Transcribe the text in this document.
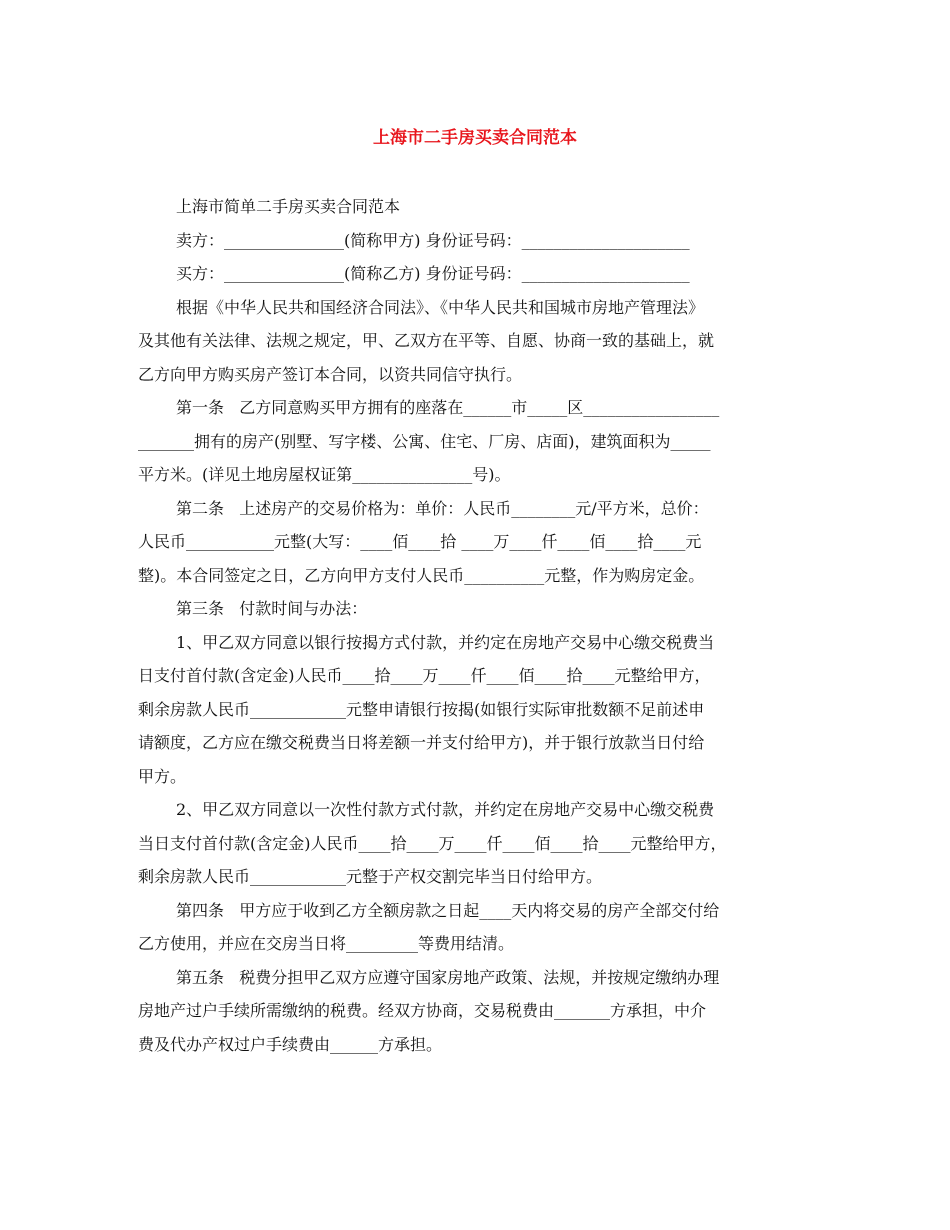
上海市二手房买卖合同范本
上海市简单二手房买卖合同范本
卖方：_______________(简称甲方) 身份证号码：_____________________
买方：_______________(简称乙方) 身份证号码：_____________________
根据《中华人民共和国经济合同法》、《中华人民共和国城市房地产管理法》
及其他有关法律、法规之规定，甲、乙双方在平等、自愿、协商一致的基础上，就
乙方向甲方购买房产签订本合同，以资共同信守执行。
第一条   乙方同意购买甲方拥有的座落在______市_____区_________________
_______拥有的房产(别墅、写字楼、公寓、住宅、厂房、店面)，建筑面积为_____
平方米。(详见土地房屋权证第_______________号)。
第二条   上述房产的交易价格为：单价：人民币________元/平方米，总价：
人民币___________元整(大写：____佰____拾 ____万____仟____佰____拾____元
整)。本合同签定之日，乙方向甲方支付人民币__________元整，作为购房定金。
第三条   付款时间与办法：
1、甲乙双方同意以银行按揭方式付款，并约定在房地产交易中心缴交税费当
日支付首付款(含定金)人民币____拾____万____仟____佰____拾____元整给甲方，
剩余房款人民币____________元整申请银行按揭(如银行实际审批数额不足前述申
请额度，乙方应在缴交税费当日将差额一并支付给甲方)，并于银行放款当日付给
甲方。
2、甲乙双方同意以一次性付款方式付款，并约定在房地产交易中心缴交税费
当日支付首付款(含定金)人民币____拾____万____仟____佰____拾____元整给甲方，
剩余房款人民币____________元整于产权交割完毕当日付给甲方。
第四条   甲方应于收到乙方全额房款之日起____天内将交易的房产全部交付给
乙方使用，并应在交房当日将_________等费用结清。
第五条   税费分担甲乙双方应遵守国家房地产政策、法规，并按规定缴纳办理
房地产过户手续所需缴纳的税费。经双方协商，交易税费由_______方承担，中介
费及代办产权过户手续费由______方承担。
